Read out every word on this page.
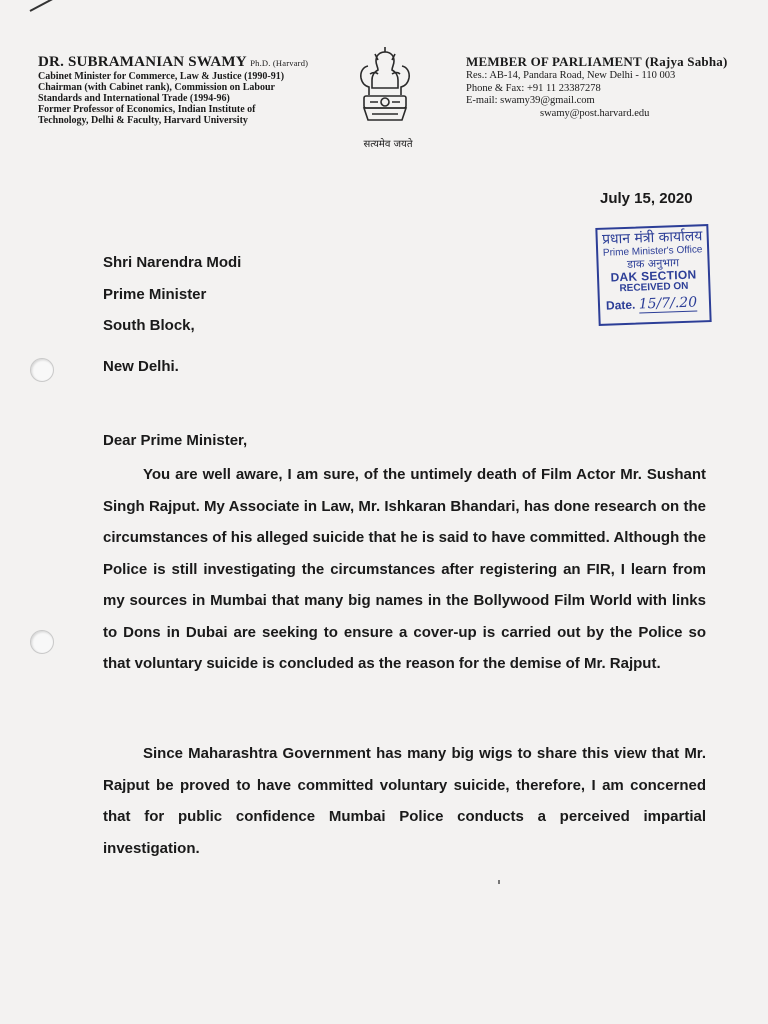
DR. SUBRAMANIAN SWAMY Ph.D. (Harvard)
Cabinet Minister for Commerce, Law & Justice (1990-91)
Chairman (with Cabinet rank), Commission on Labour
Standards and International Trade (1994-96)
Former Professor of Economics, Indian Institute of
Technology, Delhi & Faculty, Harvard University
सत्यमेव जयते
MEMBER OF PARLIAMENT (Rajya Sabha)
Res.: AB-14, Pandara Road, New Delhi - 110 003
Phone & Fax: +91 11 23387278
E-mail: swamy39@gmail.com
swamy@post.harvard.edu
July 15, 2020
प्रधान मंत्री कार्यालय
Prime Minister's Office
डाक अनुभाग
DAK SECTION
RECEIVED ON
Date. 15/7/.20
Shri Narendra Modi
Prime Minister
South Block,
New Delhi.
Dear Prime Minister,
You are well aware, I am sure, of the untimely death of Film Actor Mr. Sushant Singh Rajput. My Associate in Law, Mr. Ishkaran Bhandari, has done research on the circumstances of his alleged suicide that he is said to have committed. Although the Police is still investigating the circumstances after registering an FIR, I learn from my sources in Mumbai that many big names in the Bollywood Film World with links to Dons in Dubai are seeking to ensure a cover-up is carried out by the Police so that voluntary suicide is concluded as the reason for the demise of Mr. Rajput.
Since Maharashtra Government has many big wigs to share this view that Mr. Rajput be proved to have committed voluntary suicide, therefore, I am concerned that for public confidence Mumbai Police conducts a perceived impartial investigation.
